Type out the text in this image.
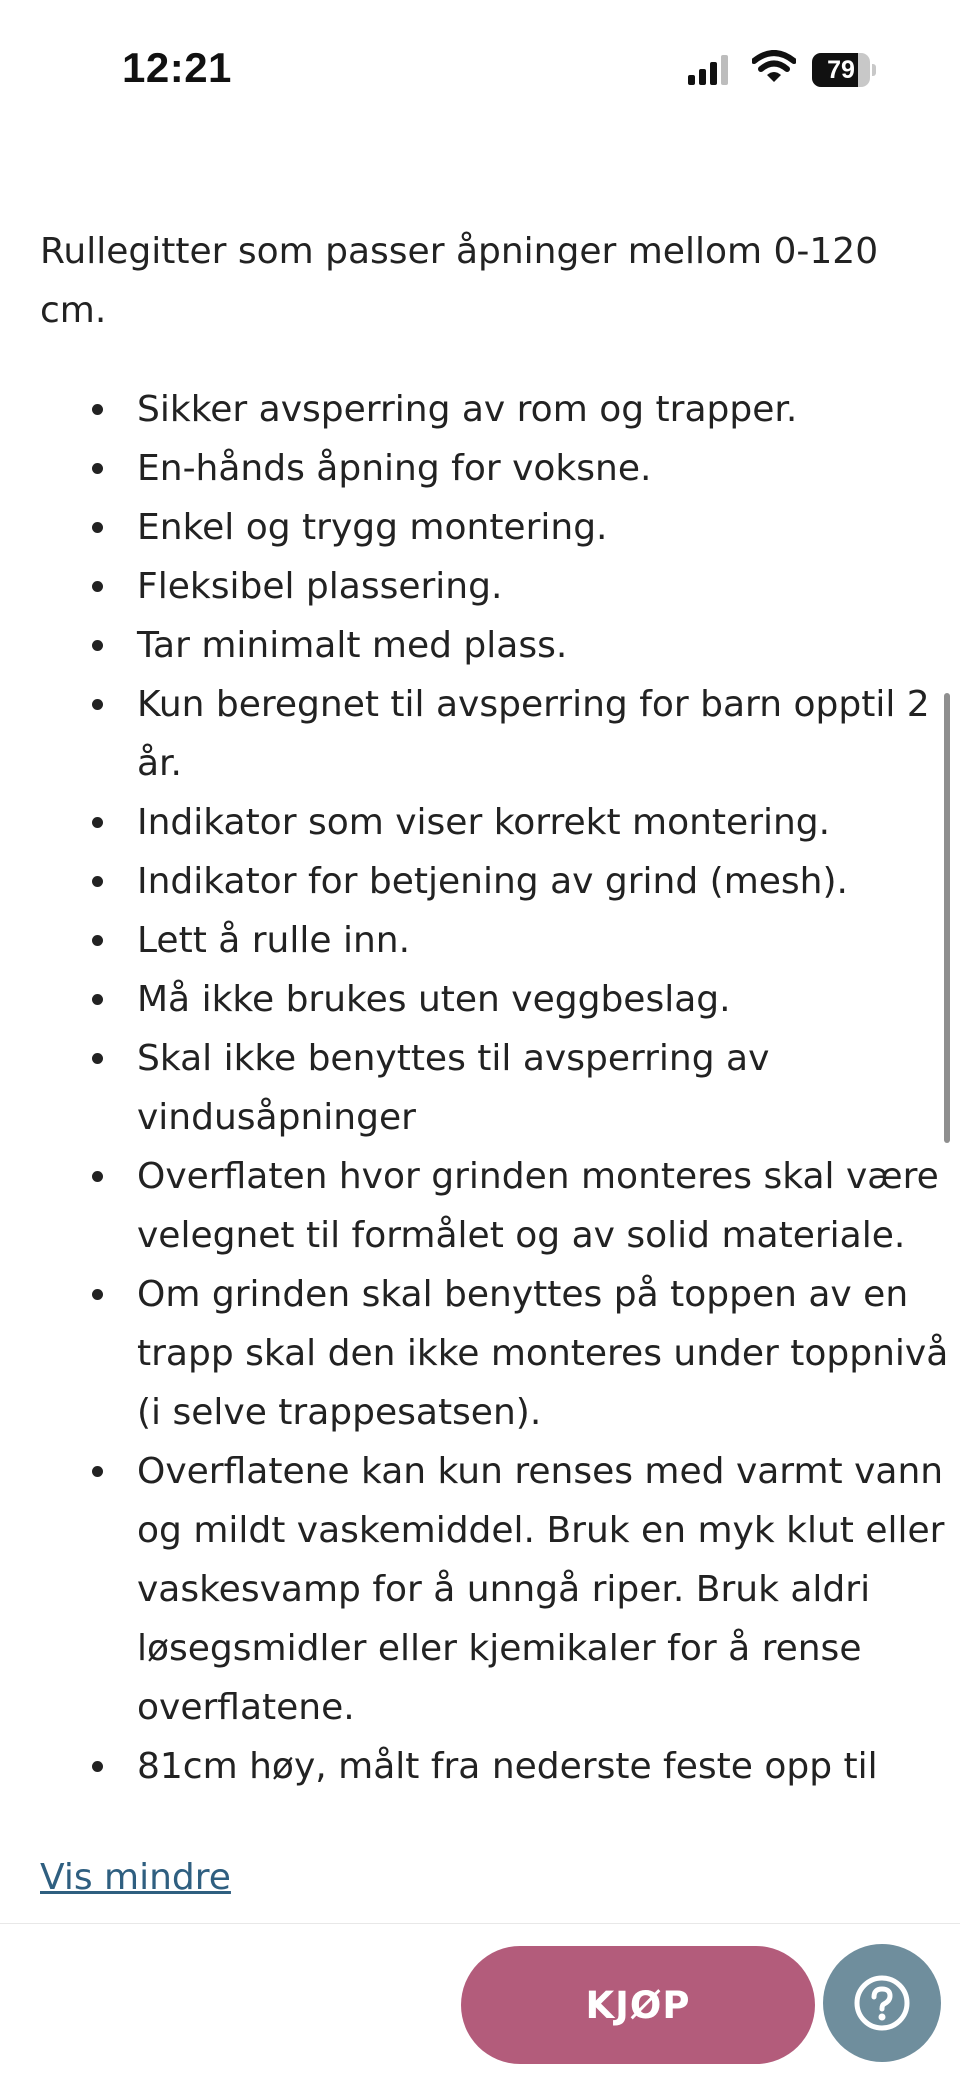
12:21	79

Rullegitter som passer åpninger mellom 0-120 cm.

Sikker avsperring av rom og trapper.
En-hånds åpning for voksne.
Enkel og trygg montering.
Fleksibel plassering.
Tar minimalt med plass.
Kun beregnet til avsperring for barn opptil 2 år.
Indikator som viser korrekt montering.
Indikator for betjening av grind (mesh).
Lett å rulle inn.
Må ikke brukes uten veggbeslag.
Skal ikke benyttes til avsperring av vindusåpninger
Overflaten hvor grinden monteres skal være velegnet til formålet og av solid materiale.
Om grinden skal benyttes på toppen av en trapp skal den ikke monteres under toppnivå (i selve trappesatsen).
Overflatene kan kun renses med varmt vann og mildt vaskemiddel. Bruk en myk klut eller vaskesvamp for å unngå riper. Bruk aldri løsegsmidler eller kjemikaler for å rense overflatene.
81cm høy, målt fra nederste feste opp til
Vis mindre
KJØP
